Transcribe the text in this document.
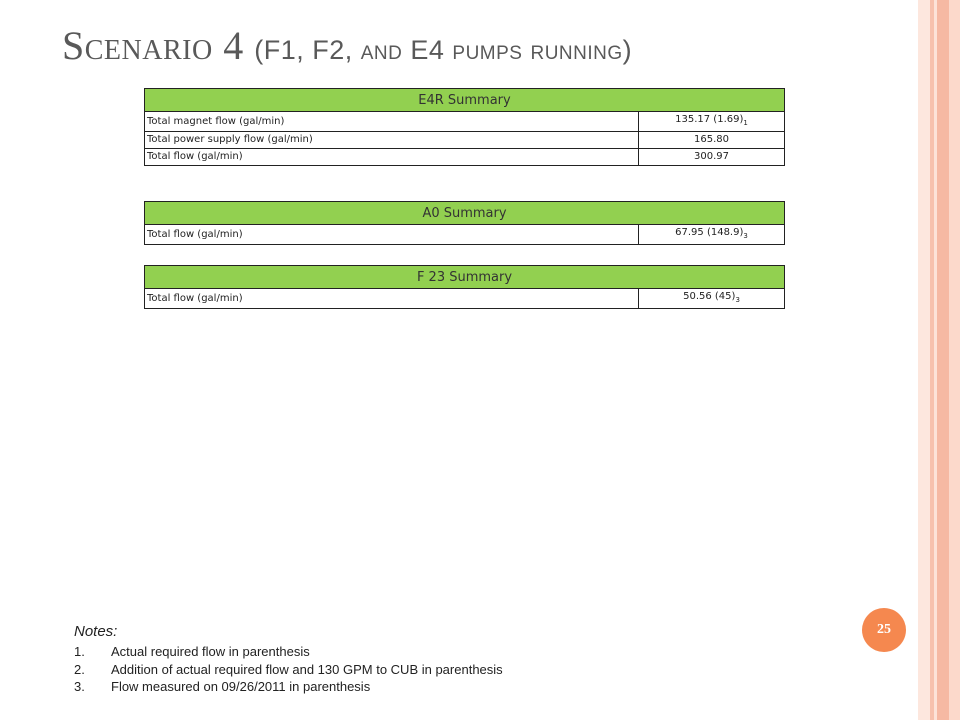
Scenario 4 (F1, F2, and E4 pumps running)
E4R Summary	
Total magnet flow (gal/min)	135.17 $(1.69)_1$
Total power supply flow (gal/min)	165.80
Total flow (gal/min)	300.97
A0 Summary
Total flow (gal/min)	67.95 $(148.9)_3$
F 23 Summary
Total flow (gal/min)	50.56 $(45)_3$
25
Notes:
1. Actual required flow in parenthesis
2. Addition of actual required flow and 130 GPM to CUB in parenthesis
3. Flow measured on 09/26/2011 in parenthesis
